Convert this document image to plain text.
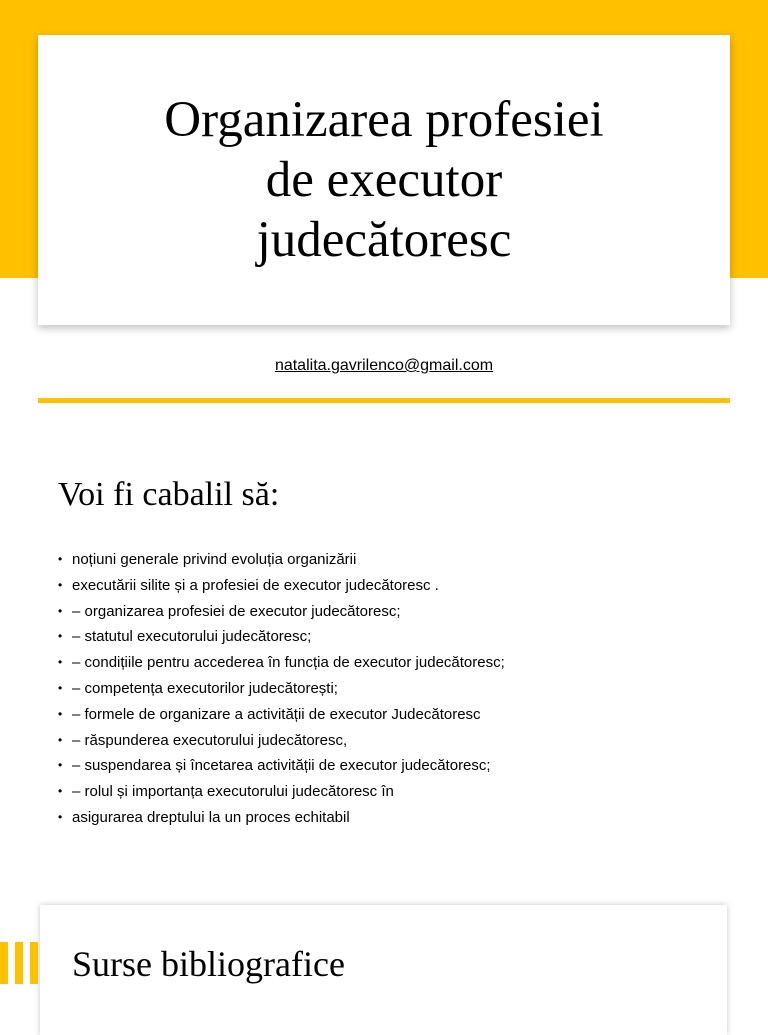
Organizarea profesiei
de executor
judecătoresc
natalita.gavrilenco@gmail.com
Voi fi cabalil să:
• noțiuni generale privind evoluția organizării
• executării silite și a profesiei de executor judecătoresc .
• – organizarea profesiei de executor judecătoresc;
• – statutul executorului judecătoresc;
• – condițiile pentru accederea în funcția de executor judecătoresc;
• – competența executorilor judecătorești;
• – formele de organizare a activității de executor Judecătoresc
• – răspunderea executorului judecătoresc,
• – suspendarea și încetarea activității de executor judecătoresc;
• – rolul și importanța executorului judecătoresc în
• asigurarea dreptului la un proces echitabil
Surse bibliografice
